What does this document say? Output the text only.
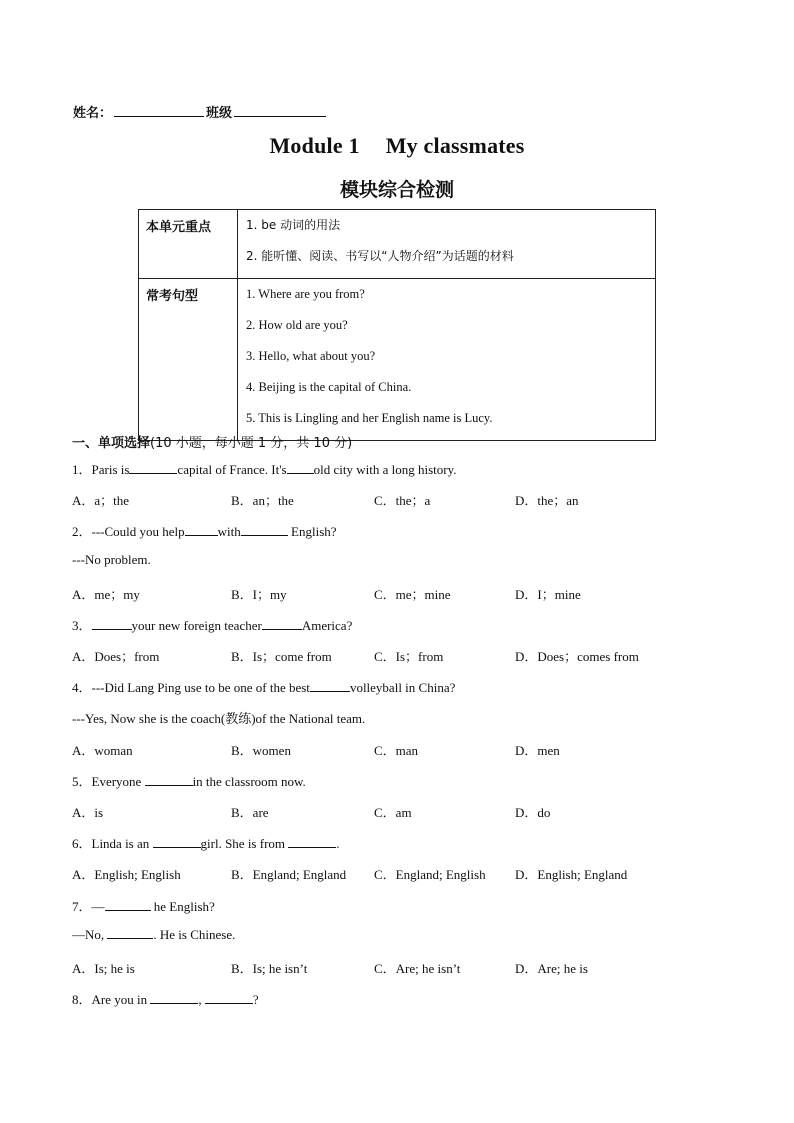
姓名：	班级
Module 1 My classmates
模块综合检测
本单元重点	1. be 动词的用法
2. 能听懂、阅读、书写以“人物介绍”为话题的材料

常考句型	1. Where are you from?
2. How old are you?
3. Hello, what about you?
4. Beijing is the capital of China.
5. This is Lingling and her English name is Lucy.
一、单项选择(10 小题，每小题 1 分，共 10 分)
1．Paris is	capital of France. It's old city with a long history.
A．a；the	B．an；the	C．the；a	D．the；an
2．---Could you help	with	English?
---No problem.
A．me；my	B．I；my	C．me；mine	D．I；mine
3．	your new foreign teacher	America?
A．Does；from	B．Is；come from	C．Is；from	D．Does；comes from
4．---Did Lang Ping use to be one of the best	volleyball in China?
---Yes, Now she is the coach(教练)of the National team.
A．woman	B．women	C．man	D．men
5．Everyone	in the classroom now.
A．is	B．are	C．am	D．do
6．Linda is an	girl. She is from	.
A．English; English	B．England; England C．England; English D．English; England
7．—	he English?
—No,	. He is Chinese.
A．Is; he is	B．Is; he isn’t	C．Are; he isn’t	D．Are; he is
8．Are you in	,	?
